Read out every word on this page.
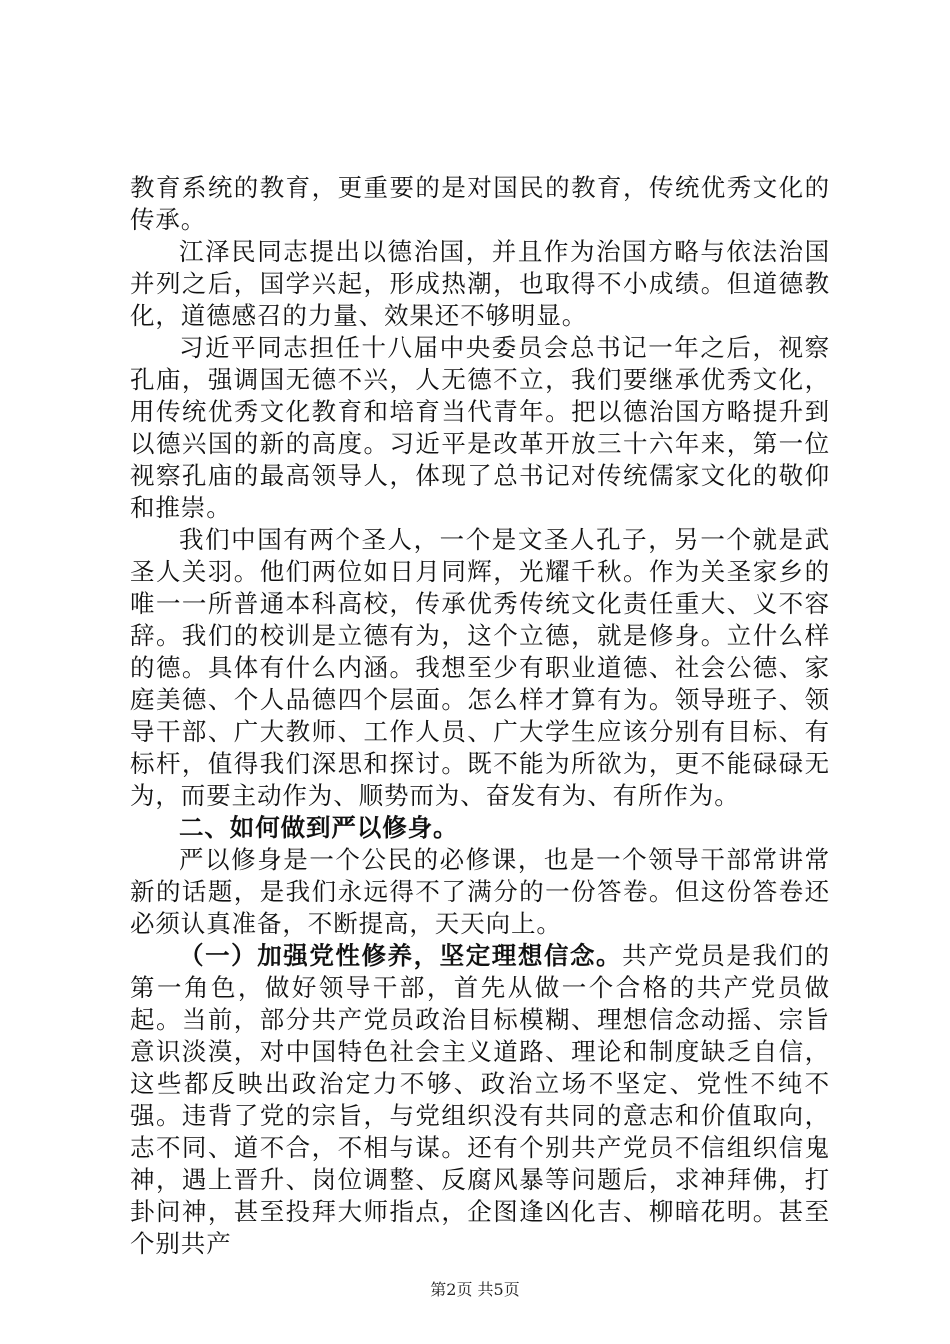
教育系统的教育，更重要的是对国民的教育，传统优秀文化的传承。

江泽民同志提出以德治国，并且作为治国方略与依法治国并列之后，国学兴起，形成热潮，也取得不小成绩。但道德教化，道德感召的力量、效果还不够明显。

习近平同志担任十八届中央委员会总书记一年之后，视察孔庙，强调国无德不兴，人无德不立，我们要继承优秀文化，用传统优秀文化教育和培育当代青年。把以德治国方略提升到以德兴国的新的高度。习近平是改革开放三十六年来，第一位视察孔庙的最高领导人，体现了总书记对传统儒家文化的敬仰和推崇。

我们中国有两个圣人，一个是文圣人孔子，另一个就是武圣人关羽。他们两位如日月同辉，光耀千秋。作为关圣家乡的唯一一所普通本科高校，传承优秀传统文化责任重大、义不容辞。我们的校训是立德有为，这个立德，就是修身。立什么样的德。具体有什么内涵。我想至少有职业道德、社会公德、家庭美德、个人品德四个层面。怎么样才算有为。领导班子、领导干部、广大教师、工作人员、广大学生应该分别有目标、有标杆，值得我们深思和探讨。既不能为所欲为，更不能碌碌无为，而要主动作为、顺势而为、奋发有为、有所作为。

二、如何做到严以修身。

严以修身是一个公民的必修课，也是一个领导干部常讲常新的话题，是我们永远得不了满分的一份答卷。但这份答卷还必须认真准备，不断提高，天天向上。

（一）加强党性修养，坚定理想信念。共产党员是我们的第一角色，做好领导干部，首先从做一个合格的共产党员做起。当前，部分共产党员政治目标模糊、理想信念动摇、宗旨意识淡漠，对中国特色社会主义道路、理论和制度缺乏自信，这些都反映出政治定力不够、政治立场不坚定、党性不纯不强。违背了党的宗旨，与党组织没有共同的意志和价值取向，志不同、道不合，不相与谋。还有个别共产党员不信组织信鬼神，遇上晋升、岗位调整、反腐风暴等问题后，求神拜佛，打卦问神，甚至投拜大师指点，企图逢凶化吉、柳暗花明。甚至个别共产

第2页 共5页
